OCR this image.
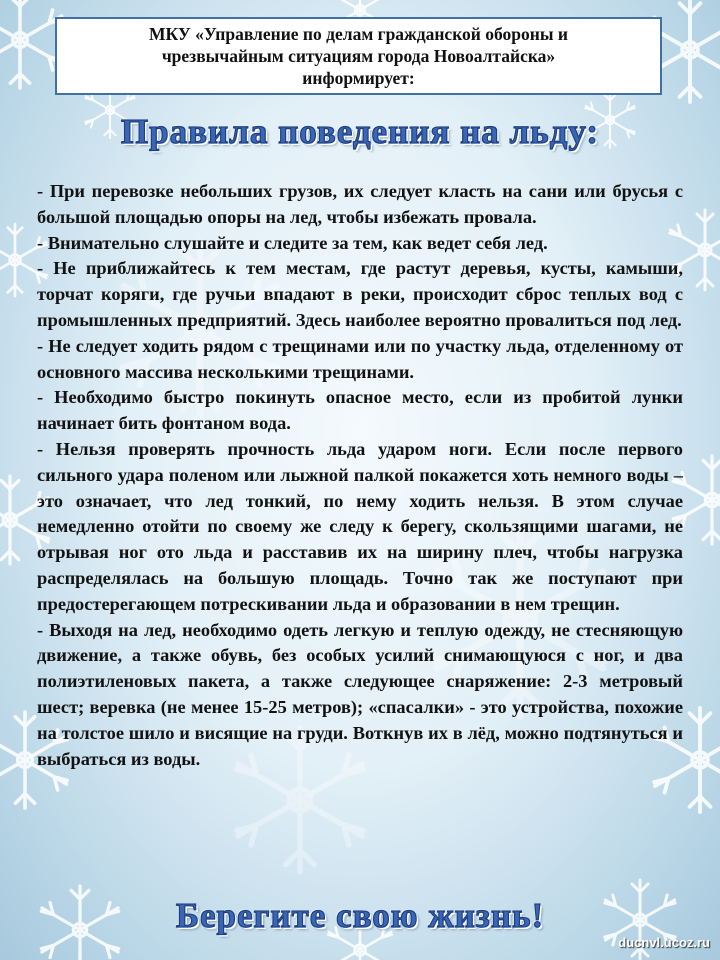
МКУ «Управление по делам гражданской обороны и
чрезвычайным ситуациям города Новоалтайска»
информирует:
Правила поведения на льду:

- При перевозке небольших грузов, их следует класть на сани или брусья с большой площадью опоры на лед, чтобы избежать провала.

- Внимательно слушайте и следите за тем, как ведет себя лед.

- Не приближайтесь к тем местам, где растут деревья, кусты, камыши, торчат коряги, где ручьи впадают в реки, происходит сброс теплых вод с промышленных предприятий. Здесь наиболее вероятно провалиться под лед.

- Не следует ходить рядом с трещинами или по участку льда, отделенному от основного массива несколькими трещинами.

- Необходимо быстро покинуть опасное место, если из пробитой лунки начинает бить фонтаном вода.

- Нельзя проверять прочность льда ударом ноги. Если после первого сильного удара поленом или лыжной палкой покажется хоть немного воды – это означает, что лед тонкий, по нему ходить нельзя. В этом случае немедленно отойти по своему же следу к берегу, скользящими шагами, не отрывая ног ото льда и расставив их на ширину плеч, чтобы нагрузка распределялась на большую площадь. Точно так же поступают при предостерегающем потрескивании льда и образовании в нем трещин.

- Выходя на лед, необходимо одеть легкую и теплую одежду, не стесняющую движение, а также обувь, без особых усилий снимающуюся с ног, и два полиэтиленовых пакета, а также следующее снаряжение: 2-3 метровый шест; веревка (не менее 15-25 метров); «спасалки» - это устройства, похожие на толстое шило и висящие на груди. Воткнув их в лёд, можно подтянуться и выбраться из воды.

Берегите свою жизнь!
ducnvl.ucoz.ru
